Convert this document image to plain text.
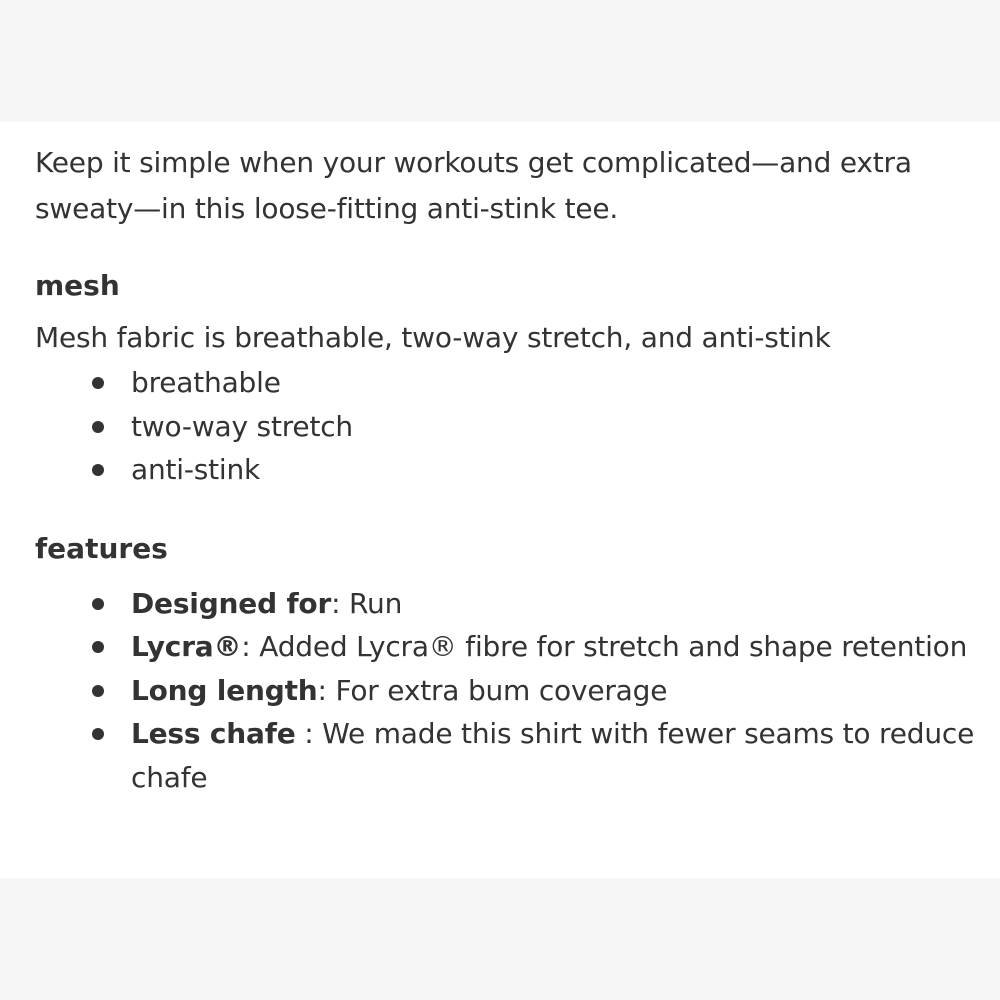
Keep it simple when your workouts get complicated—and extra sweaty—in this loose-fitting anti-stink tee.

mesh

Mesh fabric is breathable, two-way stretch, and anti-stink

breathable
two-way stretch
anti-stink
features
Designed for: Run
Lycra®: Added Lycra® fibre for stretch and shape retention
Long length: For extra bum coverage
Less chafe : We made this shirt with fewer seams to reduce chafe
